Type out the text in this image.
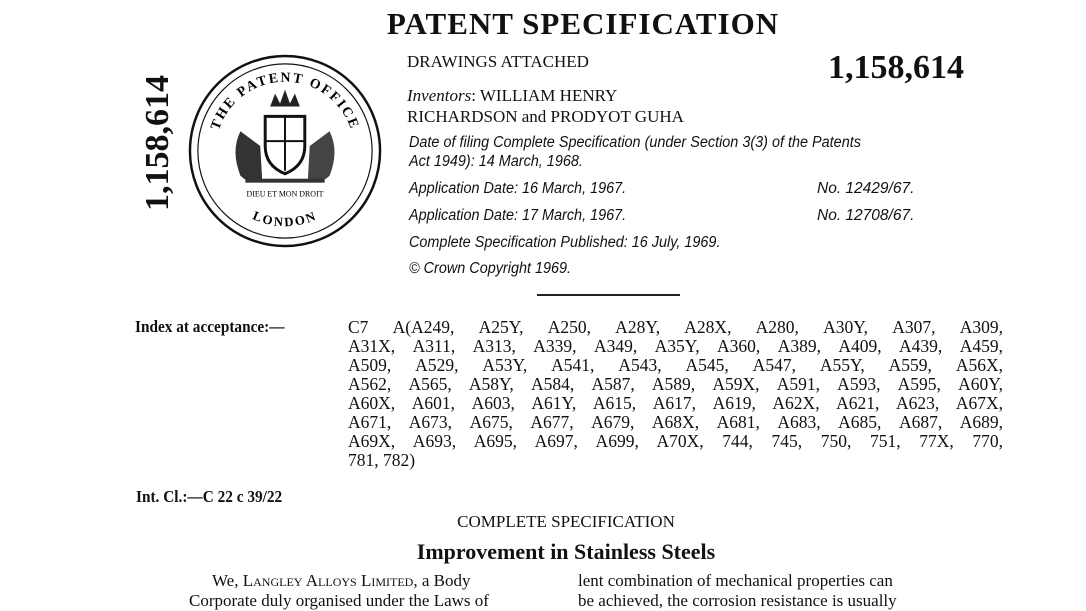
PATENT SPECIFICATION
1,158,614 THE PATENT OFFICE
LONDON
DIEU ET MON DROIT
DRAWINGS ATTACHED	1,158,614
Inventors: WILLIAM HENRY
RICHARDSON and PRODYOT GUHA
Date of filing Complete Specification (under Section 3(3) of the Patents
Act 1949): 14 March, 1968.
Application Date: 16 March, 1967.	No. 12429/67.
Application Date: 17 March, 1967.	No. 12708/67.
Complete Specification Published: 16 July, 1969.
© Crown Copyright 1969.
Index at acceptance:—	C7 A(A249, A25Y, A250, A28Y, A28X, A280, A30Y, A307, A309,
A31X, A311, A313, A339, A349, A35Y, A360, A389, A409, A439, A459,
A509, A529, A53Y, A541, A543, A545, A547, A55Y, A559, A56X,
A562, A565, A58Y, A584, A587, A589, A59X, A591, A593, A595, A60Y,
A60X, A601, A603, A61Y, A615, A617, A619, A62X, A621, A623, A67X,
A671, A673, A675, A677, A679, A68X, A681, A683, A685, A687, A689,
A69X, A693, A695, A697, A699, A70X, 744, 745, 750, 751, 77X, 770,
781, 782)
Int. Cl.:—C 22 c 39/22
COMPLETE SPECIFICATION
Improvement in Stainless Steels
We, Langley Alloys Limited, a Body
Corporate duly organised under the Laws of
lent combination of mechanical properties can
be achieved, the corrosion resistance is usually
